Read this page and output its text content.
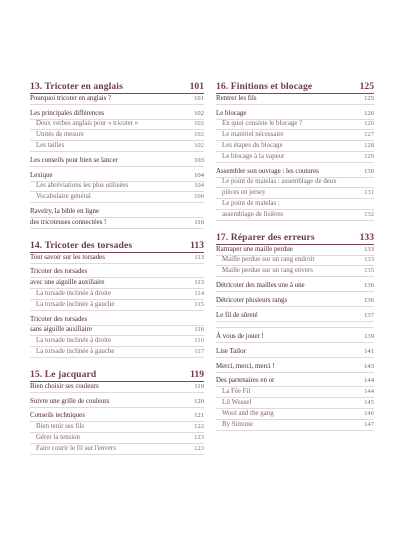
13. Tricoter en anglais	101
Pourquoi tricoter en anglais ?	101
Les principales différences	102
Deux verbes anglais pour « tricoter »	102
Unités de mesure	102
Les tailles	102
Les conseils pour bien se lancer	103
Lexique	104
Les abréviations les plus utilisées	104
Vocabulaire général	106
Ravelry, la bible en ligne
des tricoteuses connectées !	110
14. Tricoter des torsades	113
Tout savoir sur les torsades	113
Tricoter des torsades
avec une aiguille auxiliaire	113
La torsade inclinée à droite	114
La torsade inclinée à gauche	115
Tricoter des torsades
sans aiguille auxiliaire	116
La torsade inclinée à droite	116
La torsade inclinée à gauche	117
15. Le jacquard	119
Bien choisir ses couleurs	119
Suivre une grille de couleurs	120
Conseils techniques	121
Bien tenir ses fils	122
Gérer la tension	123
Faire courir le fil sur l'envers	123
16. Finitions et blocage	125
Rentrer les fils	125
Le blocage	126
En quoi consiste le blocage ?	126
Le matériel nécessaire	127
Les étapes du blocage	128
Le blocage à la vapeur	129
Assembler son ouvrage : les coutures	130
Le point de matelas : assemblage de deux
pièces en jersey	131
Le point de matelas :
assemblage de lisières	132
17. Réparer des erreurs	133
Rattraper une maille perdue	133
Maille perdue sur un rang endroit	133
Maille perdue sur un rang envers	135
Détricoter des mailles une à une	136
Détricoter plusieurs rangs	136
Le fil de sûreté	137
À vous de jouer !	139
Lise Tailor	141
Merci, merci, merci !	143
Des partenaires en or	144
La Fée Fil	144
Lil Weasel	145
Wool and the gang	146
By Simone	147
